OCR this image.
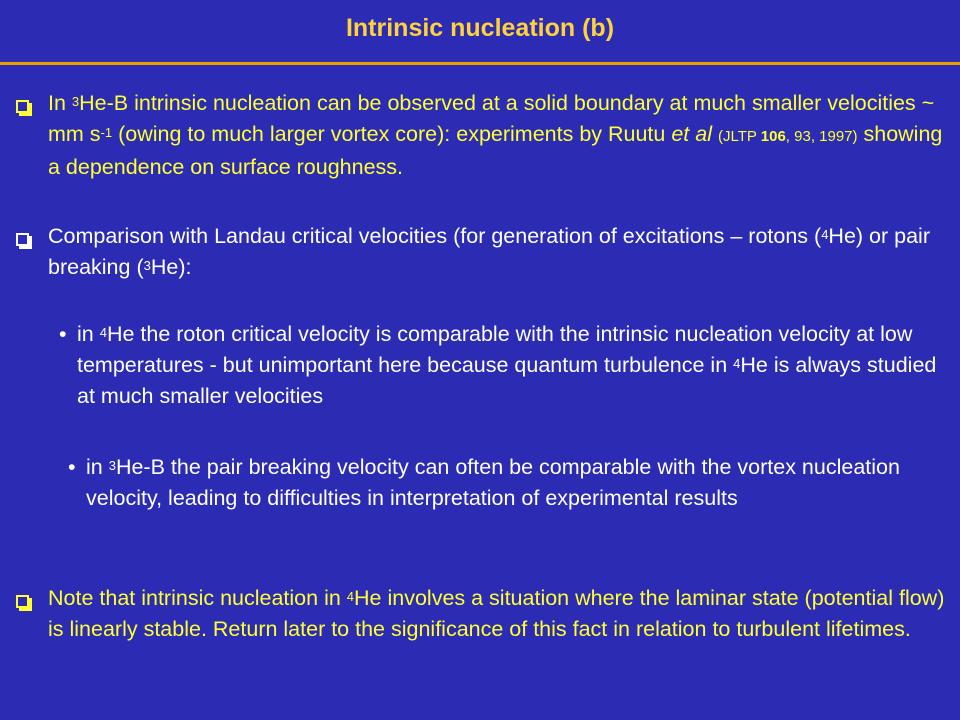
Intrinsic nucleation (b)
In $^3$He-B intrinsic nucleation can be observed at a solid boundary at much smaller velocities ~ mm $s^{-1}$ (owing to much larger vortex core): experiments by Ruutu et al (JLTP 106, 93, 1997) showing a dependence on surface roughness.
Comparison with Landau critical velocities (for generation of excitations – rotons ($^4$He) or pair breaking ($^3$He):
• in $^4$He the roton critical velocity is comparable with the intrinsic nucleation velocity at low temperatures - but unimportant here because quantum turbulence in $^4$He is always studied at much smaller velocities
• in $^3$He-B the pair breaking velocity can often be comparable with the vortex nucleation velocity, leading to difficulties in interpretation of experimental results
Note that intrinsic nucleation in $^4$He involves a situation where the laminar state (potential flow) is linearly stable. Return later to the significance of this fact in relation to turbulent lifetimes.
